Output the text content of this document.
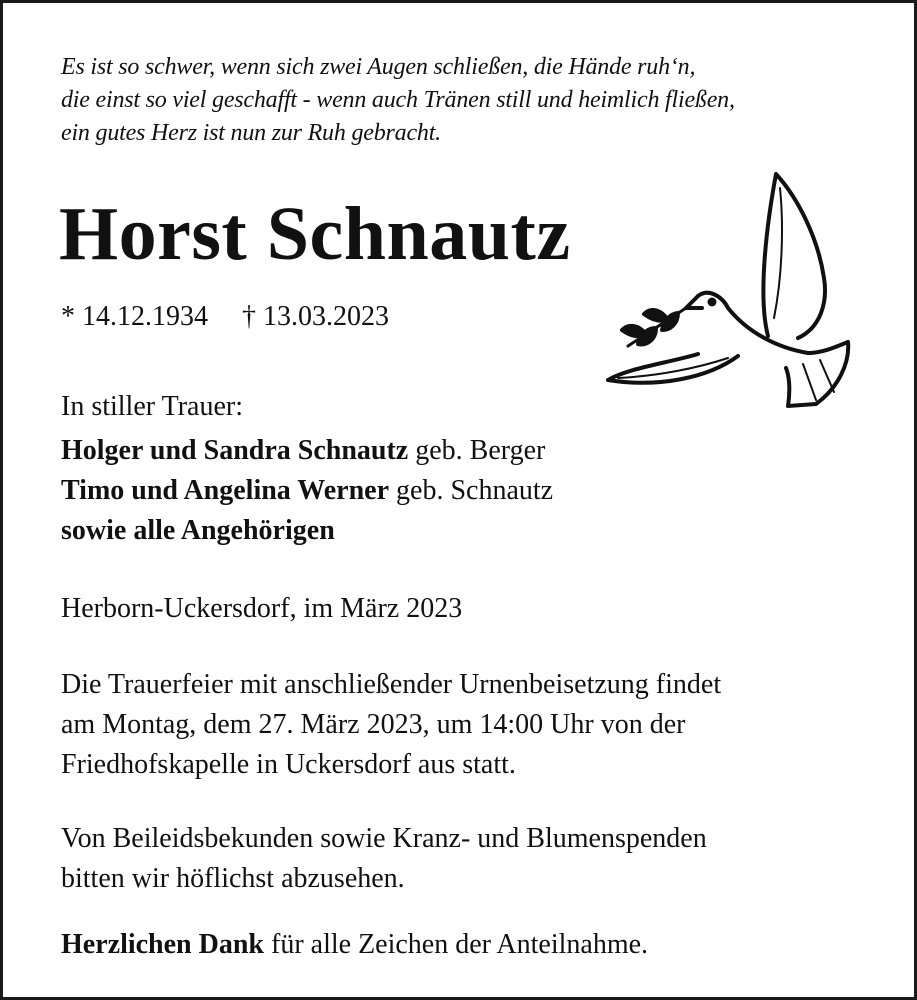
Es ist so schwer, wenn sich zwei Augen schließen, die Hände ruh‘n,
die einst so viel geschafft - wenn auch Tränen still und heimlich fließen,
ein gutes Herz ist nun zur Ruh gebracht.
Horst Schnautz
* 14.12.1934 † 13.03.2023
In stiller Trauer:
Holger und Sandra Schnautz geb. Berger
Timo und Angelina Werner geb. Schnautz
sowie alle Angehörigen
Herborn-Uckersdorf, im März 2023
Die Trauerfeier mit anschließender Urnenbeisetzung findet
am Montag, dem 27. März 2023, um 14:00 Uhr von der
Friedhofskapelle in Uckersdorf aus statt.
Von Beileidsbekunden sowie Kranz- und Blumenspenden
bitten wir höflichst abzusehen.
Herzlichen Dank für alle Zeichen der Anteilnahme.
